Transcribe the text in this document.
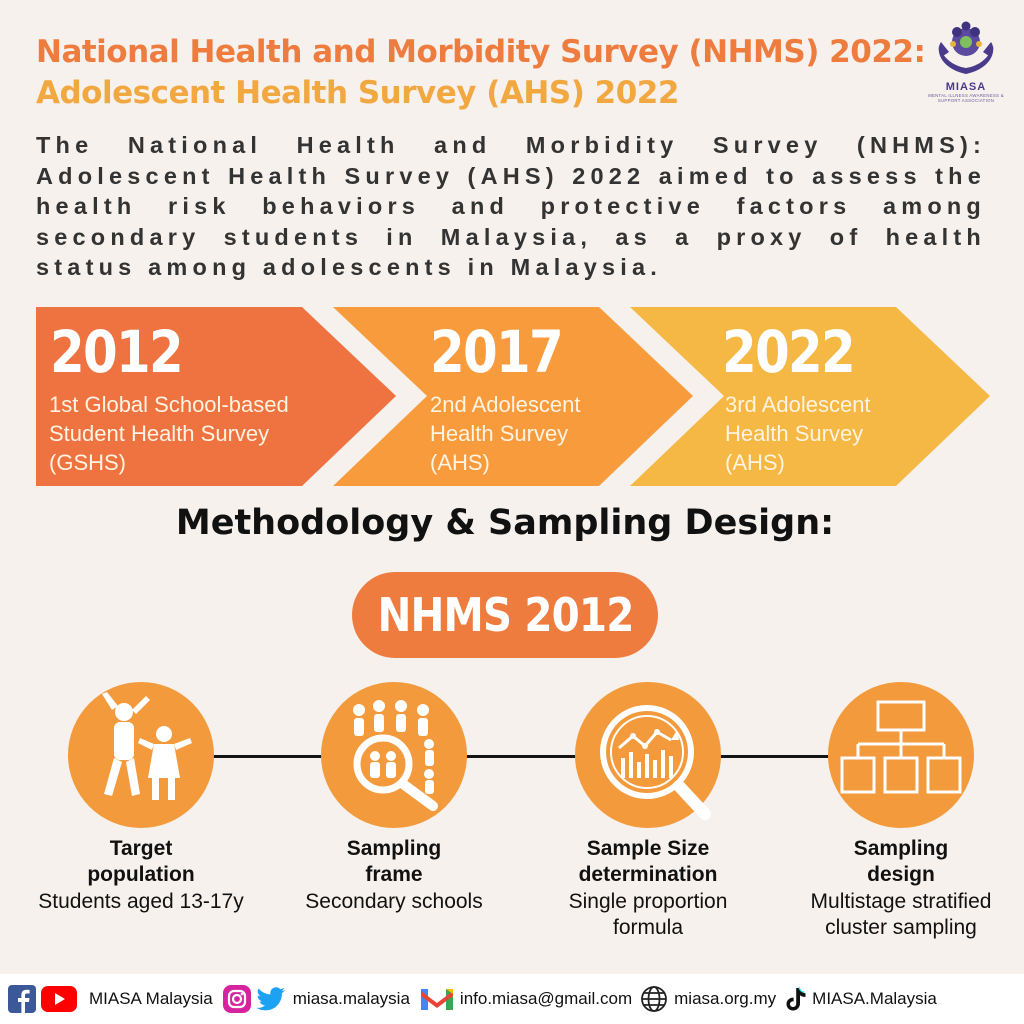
National Health and Morbidity Survey (NHMS) 2022:
Adolescent Health Survey (AHS) 2022	MIASA
MENTAL ILLNESS AWARENESS & SUPPORT ASSOCIATION

The National Health and Morbidity Survey (NHMS): Adolescent Health Survey (AHS) 2022 aimed to assess the health risk behaviors and protective factors among secondary students in Malaysia, as a proxy of health status among adolescents in Malaysia.

2012
1st Global School-based
Student Health Survey
(GSHS)
2017
2nd Adolescent
Health Survey
(AHS)
2022
3rd Adolescent
Health Survey
(AHS)
Methodology & Sampling Design:
NHMS 2012
Target
population
Students aged 13-17y
Sampling
frame
Secondary schools
Sample Size
determination
Single proportion
formula
Sampling
design
Multistage stratified
cluster sampling
MIASA Malaysia	miasa.malaysia	info.miasa@gmail.com miasa.org.my MIASA.Malaysia
